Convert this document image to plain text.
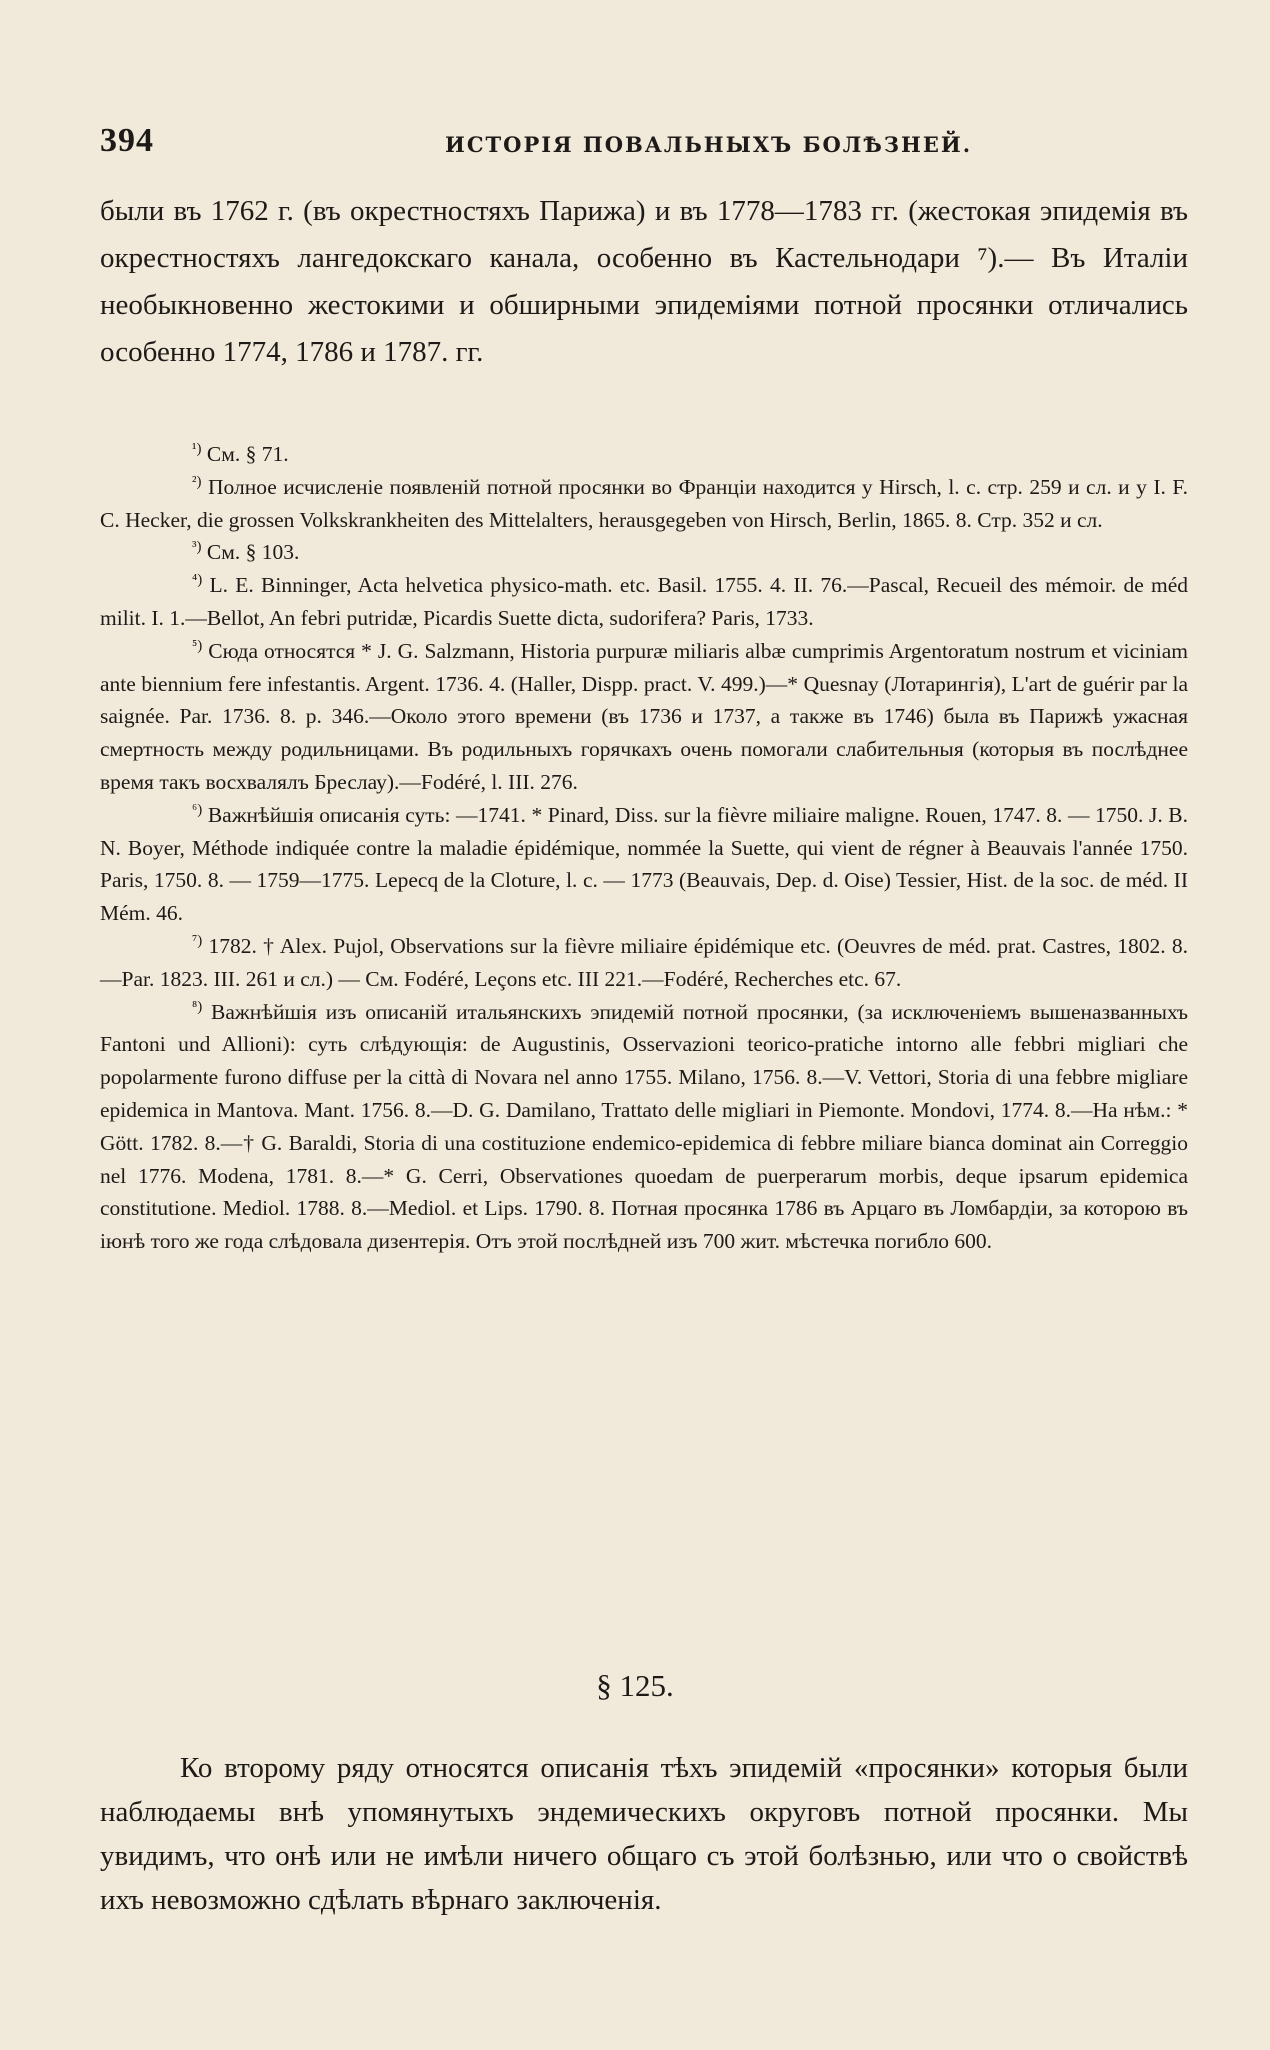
394	ИСТОРІЯ ПОВАЛЬНЫХЪ БОЛѢЗНЕЙ.
были въ 1762 г. (въ окрестностяхъ Парижа) и въ 1778—1783 гг. (жестокая эпидемія въ окрестностяхъ лангедокскаго канала, особенно въ Кастельнодари ⁷).— Въ Италіи необыкновенно жестокими и обширными эпидеміями потной просянки отличались особенно 1774, 1786 и 1787. гг.

$^{^1)}$ См. § 71.

$^{^2)}$ Полное исчисленіе появленій потной просянки во Франціи находится у Hirsch, l. c. стр. 259 и сл. и у I. F. C. Hecker, die grossen Volkskrankheiten des Mittelalters, herausgegeben von Hirsch, Berlin, 1865. 8. Стр. 352 и сл.

$^{^3)}$ См. § 103.

$^{^4)}$ L. E. Binninger, Acta helvetica physico-math. etc. Basil. 1755. 4. II. 76.—Pascal, Recueil des mémoir. de méd milit. I. 1.—Bellot, An febri putridæ, Picardis Suette dicta, sudorifera? Paris, 1733.

$^{^5)}$ Сюда относятся * J. G. Salzmann, Historia purpuræ miliaris albæ cumprimis Argentoratum nostrum et viciniam ante biennium fere infestantis. Argent. 1736. 4. (Haller, Dispp. pract. V. 499.)—* Quesnay (Лотарингія), L'art de guérir par la saignée. Par. 1736. 8. p. 346.—Около этого времени (въ 1736 и 1737, а также въ 1746) была въ Парижѣ ужасная смертность между родильницами. Въ родильныхъ горячкахъ очень помогали слабительныя (которыя въ послѣднее время такъ восхвалялъ Бреслау).—Fodéré, l. III. 276.

$^{^6)}$ Важнѣйшія описанія суть: —1741. * Pinard, Diss. sur la fièvre miliaire maligne. Rouen, 1747. 8. — 1750. J. B. N. Boyer, Méthode indiquée contre la maladie épidémique, nommée la Suette, qui vient de régner à Beauvais l'année 1750. Paris, 1750. 8. — 1759—1775. Lepecq de la Cloture, l. c. — 1773 (Beauvais, Dep. d. Oise) Tessier, Hist. de la soc. de méd. II Mém. 46.

$^{^7)}$ 1782. † Alex. Pujol, Observations sur la fièvre miliaire épidémique etc. (Oeuvres de méd. prat. Castres, 1802. 8.—Par. 1823. III. 261 и сл.) — См. Fodéré, Leçons etc. III 221.—Fodéré, Recherches etc. 67.

$^{^8)}$ Важнѣйшія изъ описаній итальянскихъ эпидемій потной просянки, (за исключеніемъ вышеназванныхъ Fantoni und Allioni): суть слѣдующія: de Augustinis, Osservazioni teorico-pratiche intorno alle febbri migliari che popolarmente furono diffuse per la città di Novara nel anno 1755. Milano, 1756. 8.—V. Vettori, Storia di una febbre migliare epidemica in Mantova. Mant. 1756. 8.—D. G. Damilano, Trattato delle migliari in Piemonte. Mondovi, 1774. 8.—На нѣм.: * Gött. 1782. 8.—† G. Baraldi, Storia di una costituzione endemico-epidemica di febbre miliare bianca dominat ain Correggio nel 1776. Modena, 1781. 8.—* G. Cerri, Observationes quoedam de puerperarum morbis, deque ipsarum epidemica constitutione. Mediol. 1788. 8.—Mediol. et Lips. 1790. 8. Потная просянка 1786 въ Арцаго въ Ломбардіи, за которою въ іюнѣ того же года слѣдовала дизентерія. Отъ этой послѣдней изъ 700 жит. мѣстечка погибло 600.

§ 125.
Ко второму ряду относятся описанія тѣхъ эпидемій «просянки» которыя были наблюдаемы внѣ упомянутыхъ эндемическихъ округовъ потной просянки. Мы увидимъ, что онѣ или не имѣли ничего общаго съ этой болѣзнью, или что о свойствѣ ихъ невозможно сдѣлать вѣрнаго заключенія.
